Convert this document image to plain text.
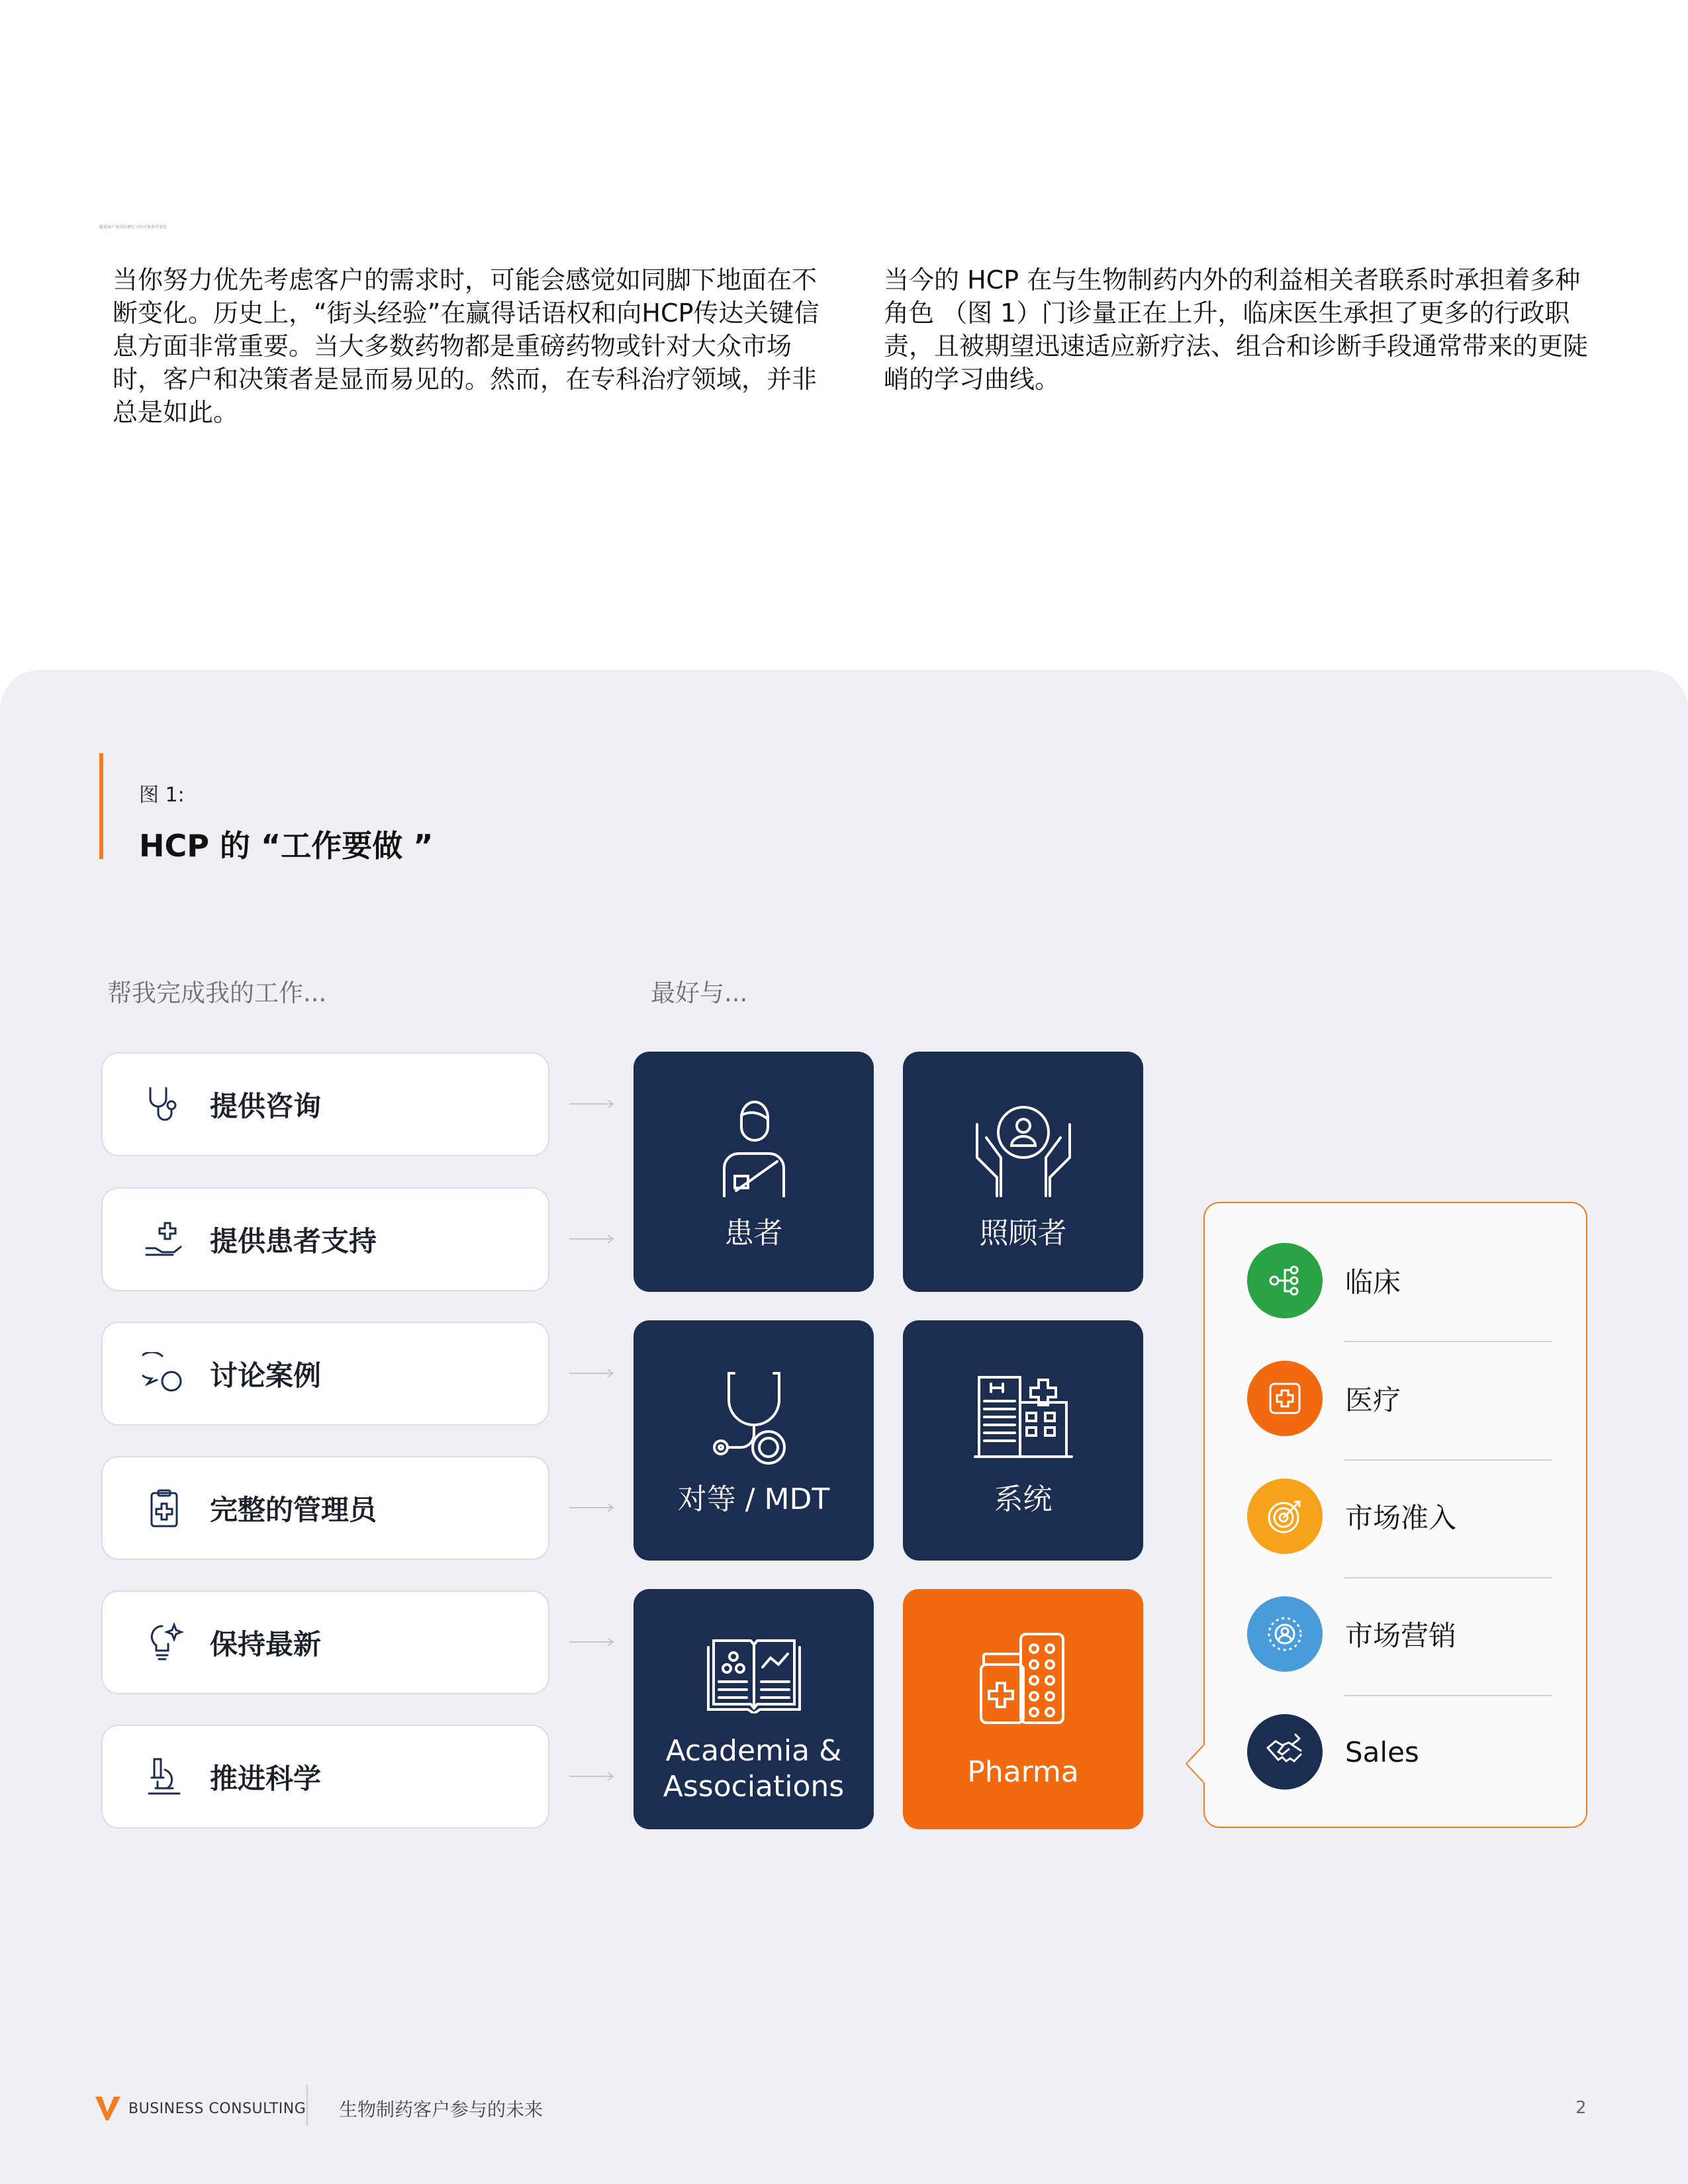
随着客户需求的增长与医疗体系的变化

当你努力优先考虑客户的需求时，可能会感觉如同脚下地面在不断变化。历史上，“街头经验”在赢得话语权和向HCP传达关键信息方面非常重要。当大多数药物都是重磅药物或针对大众市场时，客户和决策者是显而易见的。然而，在专科治疗领域，并非总是如此。

当今的 HCP 在与生物制药内外的利益相关者联系时承担着多种角色 （图 1）门诊量正在上升，临床医生承担了更多的行政职责，且被期望迅速适应新疗法、组合和诊断手段通常带来的更陡峭的学习曲线。

图 1:
HCP 的 “工作要做 ”
帮我完成我的工作...	最好与...
提供咨询
提供患者支持
讨论案例
完整的管理员
保持最新
推进科学
患者	照顾者
对等 / MDT	系统
Academia &
Associations	Pharma
临床
医疗
市场准入
市场营销
Sales
BUSINESS CONSULTING 生物制药客户参与的未来	2
